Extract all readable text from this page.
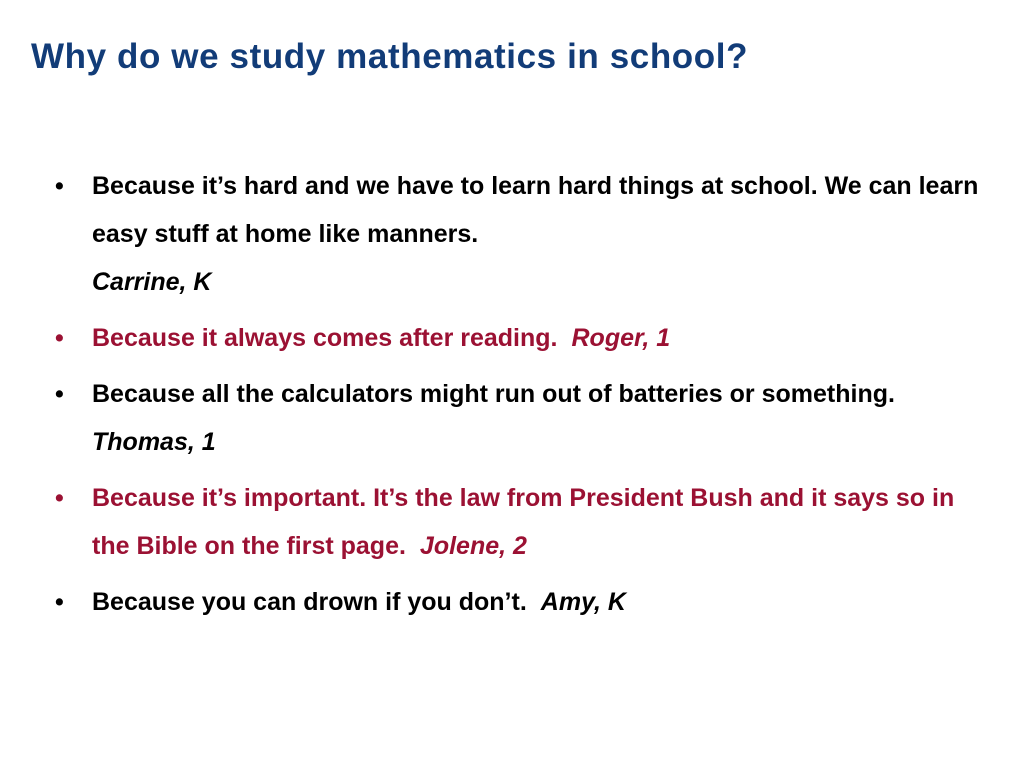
Why do we study mathematics in school?
• Because it’s hard and we have to learn hard things at school. We can learn easy stuff at home like manners.
Carrine, K
• Because it always comes after reading. Roger, 1
• Because all the calculators might run out of batteries or something.Thomas, 1
• Because it’s important. It’s the law from President Bush and it says so in the Bible on the first page. Jolene, 2
• Because you can drown if you don’t. Amy, K
